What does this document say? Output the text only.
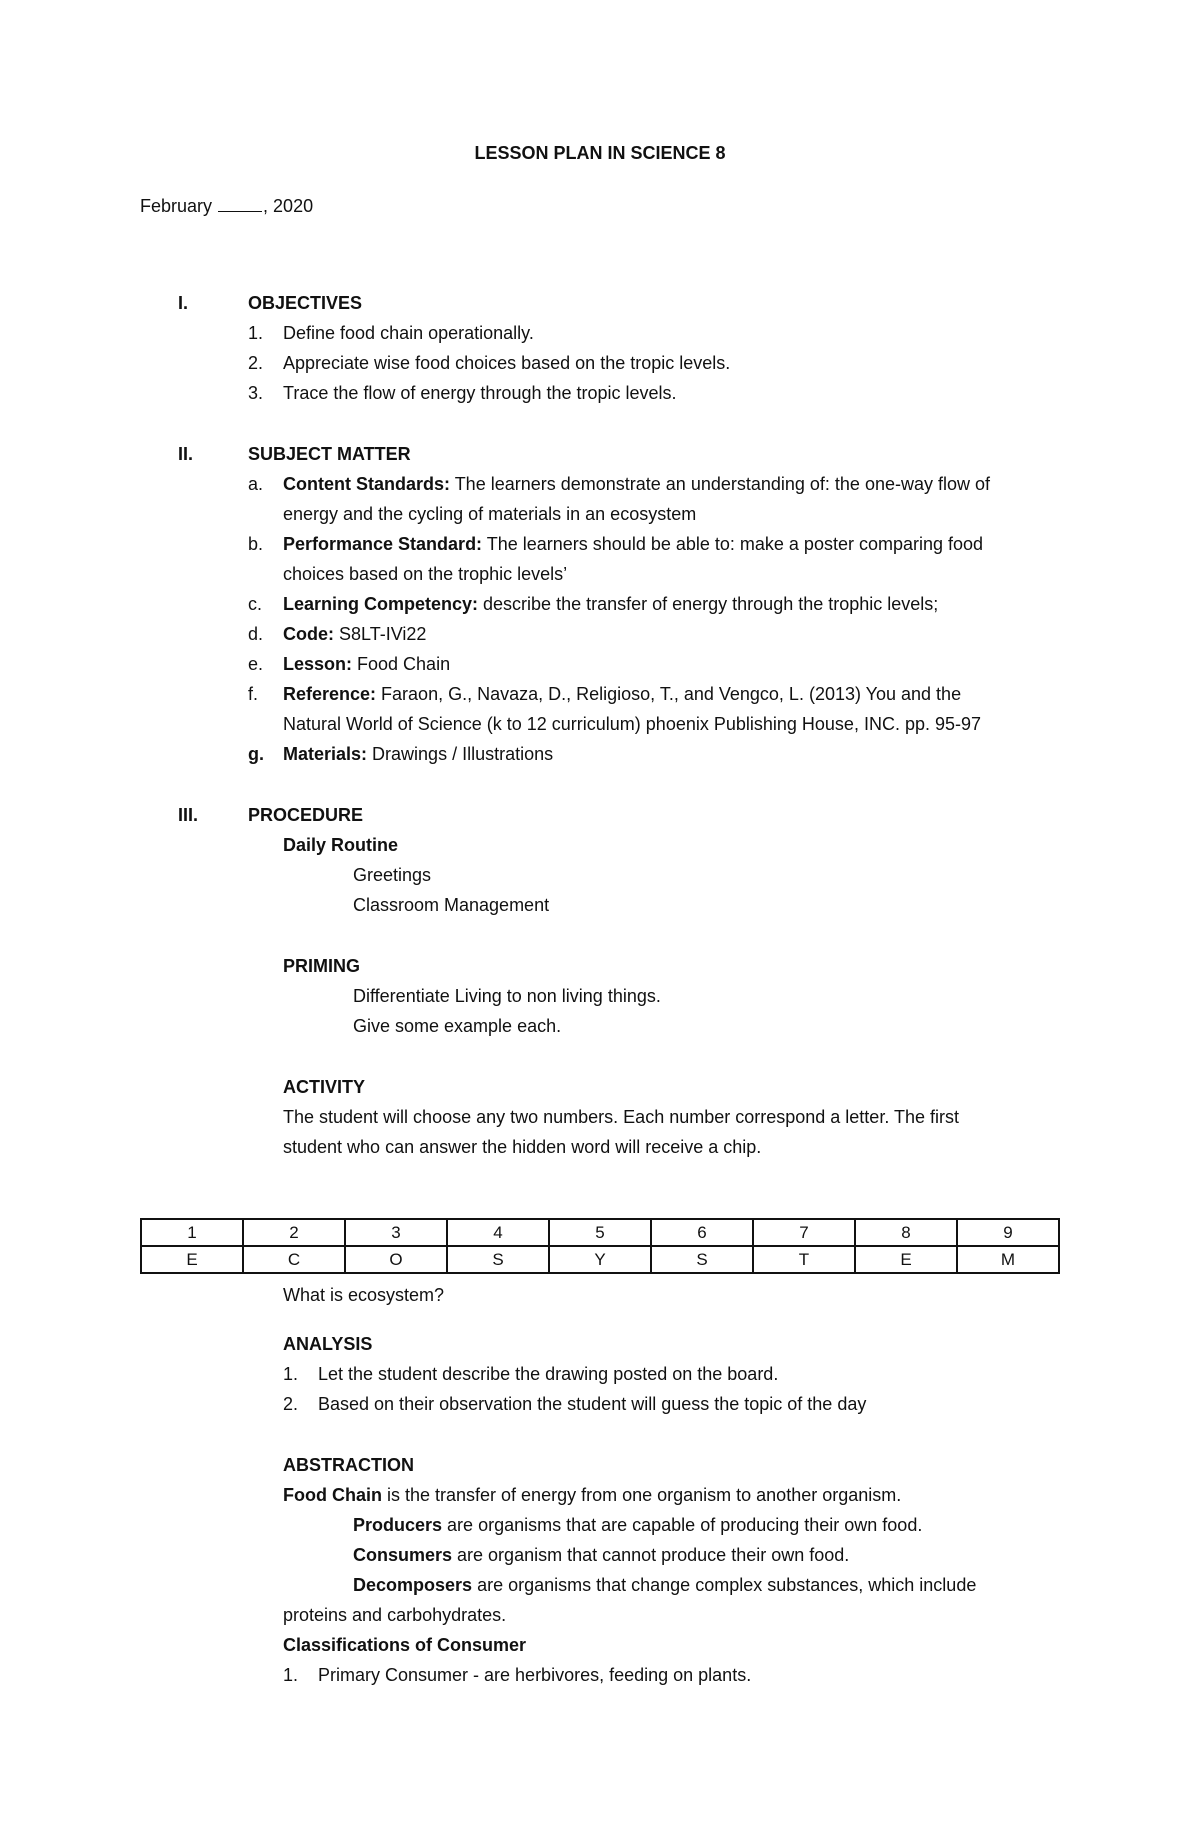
LESSON PLAN IN SCIENCE 8
February	, 2020
I.	OBJECTIVES
1. Define food chain operationally.
2. Appreciate wise food choices based on the tropic levels.
3. Trace the flow of energy through the tropic levels.
II.	SUBJECT MATTER
a. Content Standards: The learners demonstrate an understanding of: the one-way flow of
energy and the cycling of materials in an ecosystem
b. Performance Standard: The learners should be able to: make a poster comparing food
choices based on the trophic levels’
c. Learning Competency: describe the transfer of energy through the trophic levels;
d. Code: S8LT-IVi22
e. Lesson: Food Chain
f. Reference: Faraon, G., Navaza, D., Religioso, T., and Vengco, L. (2013) You and the
Natural World of Science (k to 12 curriculum) phoenix Publishing House, INC. pp. 95-97
g. Materials: Drawings / Illustrations
III.	PROCEDURE
Daily Routine
Greetings
Classroom Management
PRIMING
Differentiate Living to non living things.
Give some example each.
ACTIVITY
The student will choose any two numbers. Each number correspond a letter. The first
student who can answer the hidden word will receive a chip.
1	2	3	4	5	6	7	8	9
E	C	O	S	Y	S	T	E	M
What is ecosystem?
ANALYSIS
1. Let the student describe the drawing posted on the board.
2. Based on their observation the student will guess the topic of the day
ABSTRACTION
Food Chain is the transfer of energy from one organism to another organism.
Producers are organisms that are capable of producing their own food.
Consumers are organism that cannot produce their own food.
Decomposers are organisms that change complex substances, which include
proteins and carbohydrates.
Classifications of Consumer
1. Primary Consumer - are herbivores, feeding on plants.
